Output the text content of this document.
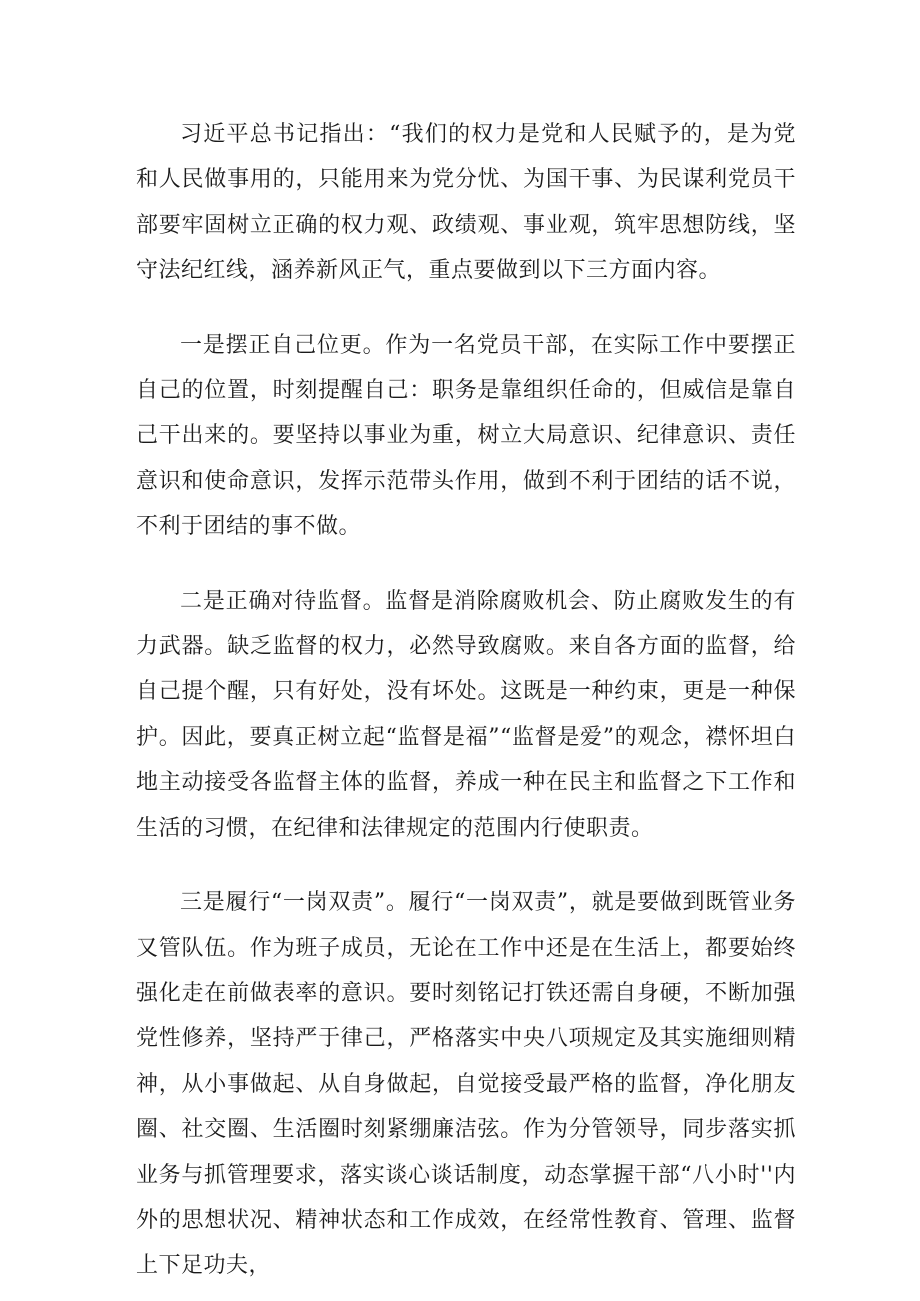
习近平总书记指出：“我们的权力是党和人民赋予的，是为党和人民做事用的，只能用来为党分忧、为国干事、为民谋利党员干部要牢固树立正确的权力观、政绩观、事业观，筑牢思想防线，坚守法纪红线，涵养新风正气，重点要做到以下三方面内容。

一是摆正自己位更。作为一名党员干部，在实际工作中要摆正自己的位置，时刻提醒自己：职务是靠组织任命的，但威信是靠自己干出来的。要坚持以事业为重，树立大局意识、纪律意识、责任意识和使命意识，发挥示范带头作用，做到不利于团结的话不说，不利于团结的事不做。

二是正确对待监督。监督是消除腐败机会、防止腐败发生的有力武器。缺乏监督的权力，必然导致腐败。来自各方面的监督，给自己提个醒，只有好处，没有坏处。这既是一种约束，更是一种保护。因此，要真正树立起“监督是福”“监督是爱”的观念，襟怀坦白地主动接受各监督主体的监督，养成一种在民主和监督之下工作和生活的习惯，在纪律和法律规定的范围内行使职责。

三是履行“一岗双责”。履行“一岗双责”，就是要做到既管业务又管队伍。作为班子成员，无论在工作中还是在生活上，都要始终强化走在前做表率的意识。要时刻铭记打铁还需自身硬，不断加强党性修养，坚持严于律己，严格落实中央八项规定及其实施细则精神，从小事做起、从自身做起，自觉接受最严格的监督，净化朋友圈、社交圈、生活圈时刻紧绷廉洁弦。作为分管领导，同步落实抓业务与抓管理要求，落实谈心谈话制度，动态掌握干部“八小时''内外的思想状况、精神状态和工作成效，在经常性教育、管理、监督上下足功夫，
